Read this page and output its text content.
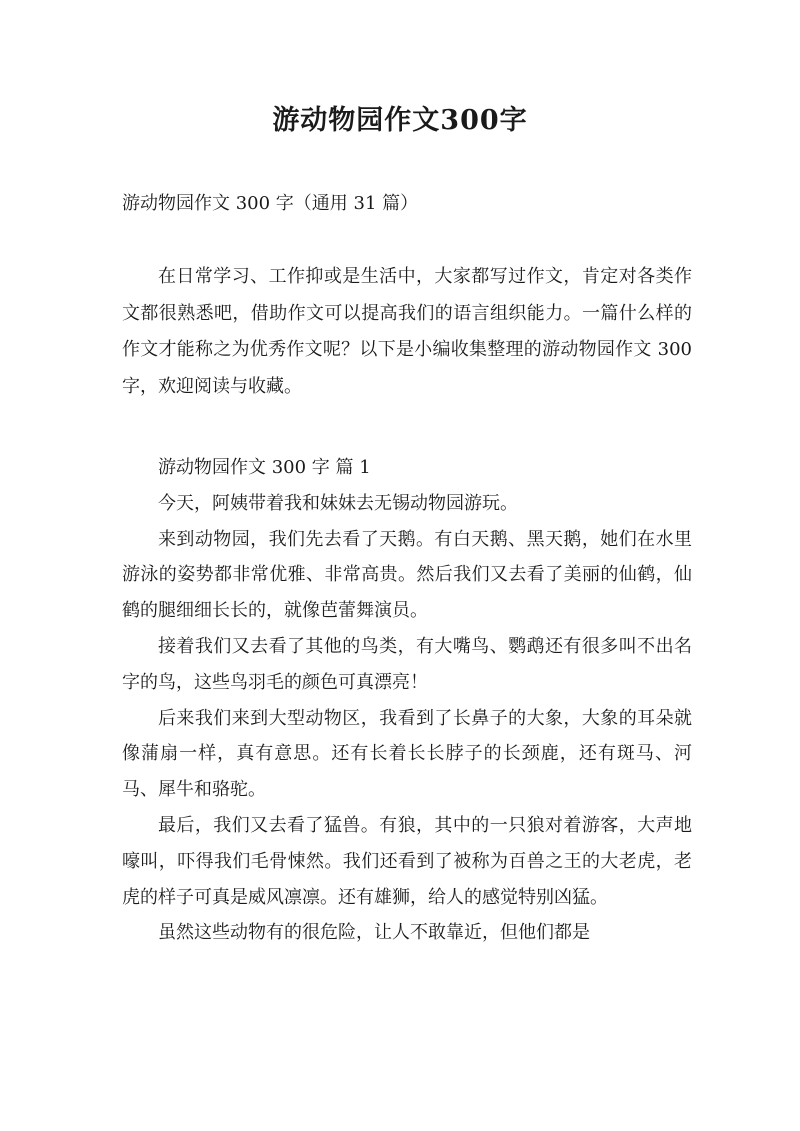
游动物园作文300字

游动物园作文 300 字（通用 31 篇）

在日常学习、工作抑或是生活中，大家都写过作文，肯定对各类作文都很熟悉吧，借助作文可以提高我们的语言组织能力。一篇什么样的作文才能称之为优秀作文呢？以下是小编收集整理的游动物园作文 300 字，欢迎阅读与收藏。

游动物园作文 300 字 篇 1

今天，阿姨带着我和妹妹去无锡动物园游玩。

来到动物园，我们先去看了天鹅。有白天鹅、黑天鹅，她们在水里游泳的姿势都非常优雅、非常高贵。然后我们又去看了美丽的仙鹤，仙鹤的腿细细长长的，就像芭蕾舞演员。

接着我们又去看了其他的鸟类，有大嘴鸟、鹦鹉还有很多叫不出名字的鸟，这些鸟羽毛的颜色可真漂亮！

后来我们来到大型动物区，我看到了长鼻子的大象，大象的耳朵就像蒲扇一样，真有意思。还有长着长长脖子的长颈鹿，还有斑马、河马、犀牛和骆驼。

最后，我们又去看了猛兽。有狼，其中的一只狼对着游客，大声地嚎叫，吓得我们毛骨悚然。我们还看到了被称为百兽之王的大老虎，老虎的样子可真是威风凛凛。还有雄狮，给人的感觉特别凶猛。

虽然这些动物有的很危险，让人不敢靠近，但他们都是
